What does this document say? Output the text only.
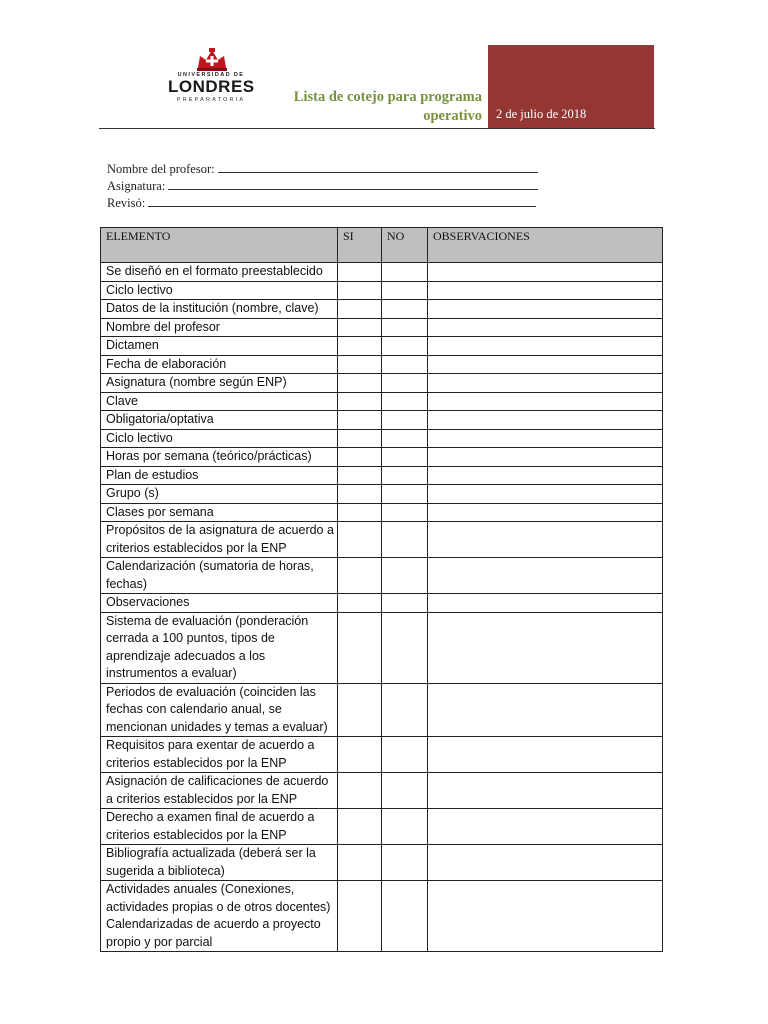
UNIVERSIDAD DE
LONDRES
PREPARATORIA	Lista de cotejo para programa operativo 2 de julio de 2018
Nombre del profesor:
Asignatura:
Revisó:
ELEMENTO	SI	NO	OBSERVACIONES
Se diseñó en el formato preestablecido			
Ciclo lectivo			
Datos de la institución (nombre, clave)			
Nombre del profesor			
Dictamen			
Fecha de elaboración			
Asignatura (nombre según ENP)			
Clave			
Obligatoria/optativa			
Ciclo lectivo			
Horas por semana (teórico/prácticas)			
Plan de estudios			
Grupo (s)			
Clases por semana			
Propósitos de la asignatura de acuerdo a criterios establecidos por la ENP			
Calendarización (sumatoria de horas, fechas)			
Observaciones			
Sistema de evaluación (ponderación cerrada a 100 puntos, tipos de aprendizaje adecuados a los instrumentos a evaluar)			
Periodos de evaluación (coinciden las fechas con calendario anual, se mencionan unidades y temas a evaluar)			
Requisitos para exentar de acuerdo a criterios establecidos por la ENP			
Asignación de calificaciones de acuerdo a criterios establecidos por la ENP			
Derecho a examen final de acuerdo a criterios establecidos por la ENP			
Bibliografía actualizada (deberá ser la sugerida a biblioteca)			
Actividades anuales (Conexiones, actividades propias o de otros docentes) Calendarizadas de acuerdo a proyecto propio y por parcial			
